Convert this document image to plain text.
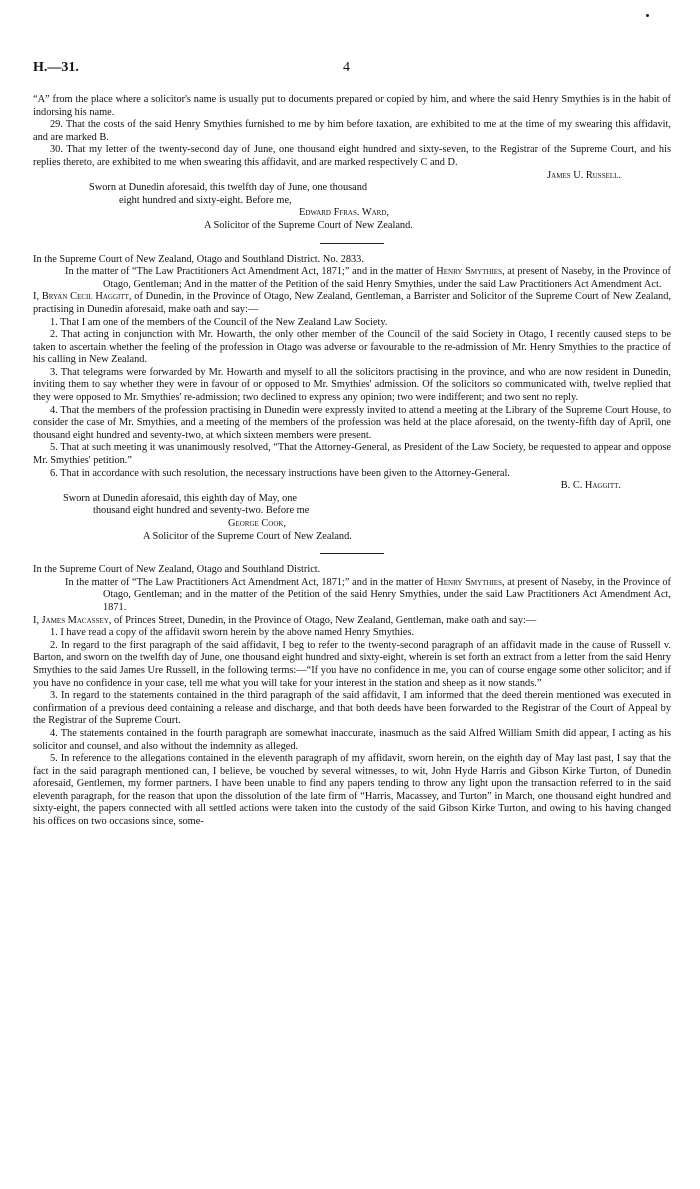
H.—31.	4

“A” from the place where a solicitor's name is usually put to documents prepared or copied by him, and where the said Henry Smythies is in the habit of indorsing his name.

29. That the costs of the said Henry Smythies furnished to me by him before taxation, are exhibited to me at the time of my swearing this affidavit, and are marked B.

30. That my letter of the twenty-second day of June, one thousand eight hundred and sixty-seven, to the Registrar of the Supreme Court, and his replies thereto, are exhibited to me when swearing this affidavit, and are marked respectively C and D.

James U. Russell.

Sworn at Dunedin aforesaid, this twelfth day of June, one thousand

eight hundred and sixty-eight. Before me,

Edward Ffras. Ward,

A Solicitor of the Supreme Court of New Zealand.

In the Supreme Court of New Zealand, Otago and Southland District. No. 2833.

In the matter of “The Law Practitioners Act Amendment Act, 1871;” and in the matter of Henry Smythies, at present of Naseby, in the Province of Otago, Gentleman; And in the matter of the Petition of the said Henry Smythies, under the said Law Practitioners Act Amendment Act.

I, Bryan Cecil Haggitt, of Dunedin, in the Province of Otago, New Zealand, Gentleman, a Barrister and Solicitor of the Supreme Court of New Zealand, practising in Dunedin aforesaid, make oath and say:—

1. That I am one of the members of the Council of the New Zealand Law Society.

2. That acting in conjunction with Mr. Howarth, the only other member of the Council of the said Society in Otago, I recently caused steps to be taken to ascertain whether the feeling of the profession in Otago was adverse or favourable to the re-admission of Mr. Henry Smythies to the practice of his calling in New Zealand.

3. That telegrams were forwarded by Mr. Howarth and myself to all the solicitors practising in the province, and who are now resident in Dunedin, inviting them to say whether they were in favour of or opposed to Mr. Smythies' admission. Of the solicitors so communicated with, twelve replied that they were opposed to Mr. Smythies' re-admission; two declined to express any opinion; two were indifferent; and two sent no reply.

4. That the members of the profession practising in Dunedin were expressly invited to attend a meeting at the Library of the Supreme Court House, to consider the case of Mr. Smythies, and a meeting of the members of the profession was held at the place aforesaid, on the twenty-fifth day of April, one thousand eight hundred and seventy-two, at which sixteen members were present.

5. That at such meeting it was unanimously resolved, “That the Attorney-General, as President of the Law Society, be requested to appear and oppose Mr. Smythies' petition.”

6. That in accordance with such resolution, the necessary instructions have been given to the Attorney-General.

B. C. Haggitt.

Sworn at Dunedin aforesaid, this eighth day of May, one

thousand eight hundred and seventy-two. Before me

George Cook,

A Solicitor of the Supreme Court of New Zealand.

In the Supreme Court of New Zealand, Otago and Southland District.

In the matter of “The Law Practitioners Act Amendment Act, 1871;” and in the matter of Henry Smythies, at present of Naseby, in the Province of Otago, Gentleman; and in the matter of the Petition of the said Henry Smythies, under the said Law Practitioners Act Amendment Act, 1871.

I, James Macassey, of Princes Street, Dunedin, in the Province of Otago, New Zealand, Gentleman, make oath and say:—

1. I have read a copy of the affidavit sworn herein by the above named Henry Smythies.

2. In regard to the first paragraph of the said affidavit, I beg to refer to the twenty-second paragraph of an affidavit made in the cause of Russell v. Barton, and sworn on the twelfth day of June, one thousand eight hundred and sixty-eight, wherein is set forth an extract from a letter from the said Henry Smythies to the said James Ure Russell, in the following terms:—“If you have no confidence in me, you can of course engage some other solicitor; and if you have no confidence in your case, tell me what you will take for your interest in the station and sheep as it now stands.”

3. In regard to the statements contained in the third paragraph of the said affidavit, I am informed that the deed therein mentioned was executed in confirmation of a previous deed containing a release and discharge, and that both deeds have been forwarded to the Registrar of the Court of Appeal by the Registrar of the Supreme Court.

4. The statements contained in the fourth paragraph are somewhat inaccurate, inasmuch as the said Alfred William Smith did appear, I acting as his solicitor and counsel, and also without the indemnity as alleged.

5. In reference to the allegations contained in the eleventh paragraph of my affidavit, sworn herein, on the eighth day of May last past, I say that the fact in the said paragraph mentioned can, I believe, be vouched by several witnesses, to wit, John Hyde Harris and Gibson Kirke Turton, of Dunedin aforesaid, Gentlemen, my former partners. I have been unable to find any papers tending to throw any light upon the transaction referred to in the said eleventh paragraph, for the reason that upon the dissolution of the late firm of “Harris, Macassey, and Turton” in March, one thousand eight hundred and sixty-eight, the papers connected with all settled actions were taken into the custody of the said Gibson Kirke Turton, and owing to his having changed his offices on two occasions since, some-
